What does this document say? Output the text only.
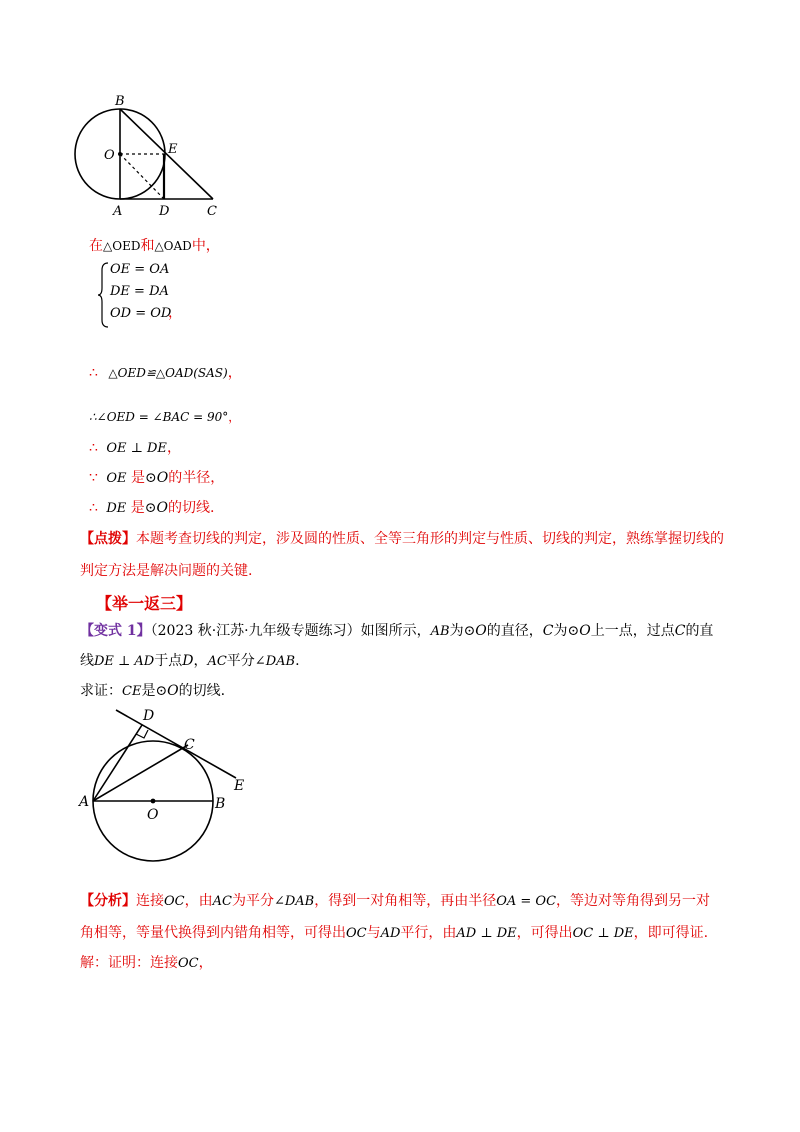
B
O	E
A	D	C
在△OED和△OAD中，
OE = OA
DE = DA
OD = OD
，
∴ △OED≌△OAD(SAS)，
∴∠OED = ∠BAC = 90°，
∴ OE ⊥ DE，
∵ OE 是⊙O的半径，
∴ DE 是⊙O的切线.
【点拨】本题考查切线的判定，涉及圆的性质、全等三角形的判定与性质、切线的判定，熟练掌握切线的
判定方法是解决问题的关键.
【举一返三】
【变式 1】（2023 秋·江苏·九年级专题练习）如图所示，AB为⊙O的直径，C为⊙O上一点，过点C的直
线DE ⊥ AD于点D，AC平分∠DAB.
求证：CE是⊙O的切线.
D
C
E
A
O
B
【分析】连接OC，由AC为平分∠DAB，得到一对角相等，再由半径OA = OC，等边对等角得到另一对
角相等，等量代换得到内错角相等，可得出OC与AD平行，由AD ⊥ DE，可得出OC ⊥ DE，即可得证.
解：证明：连接OC，
